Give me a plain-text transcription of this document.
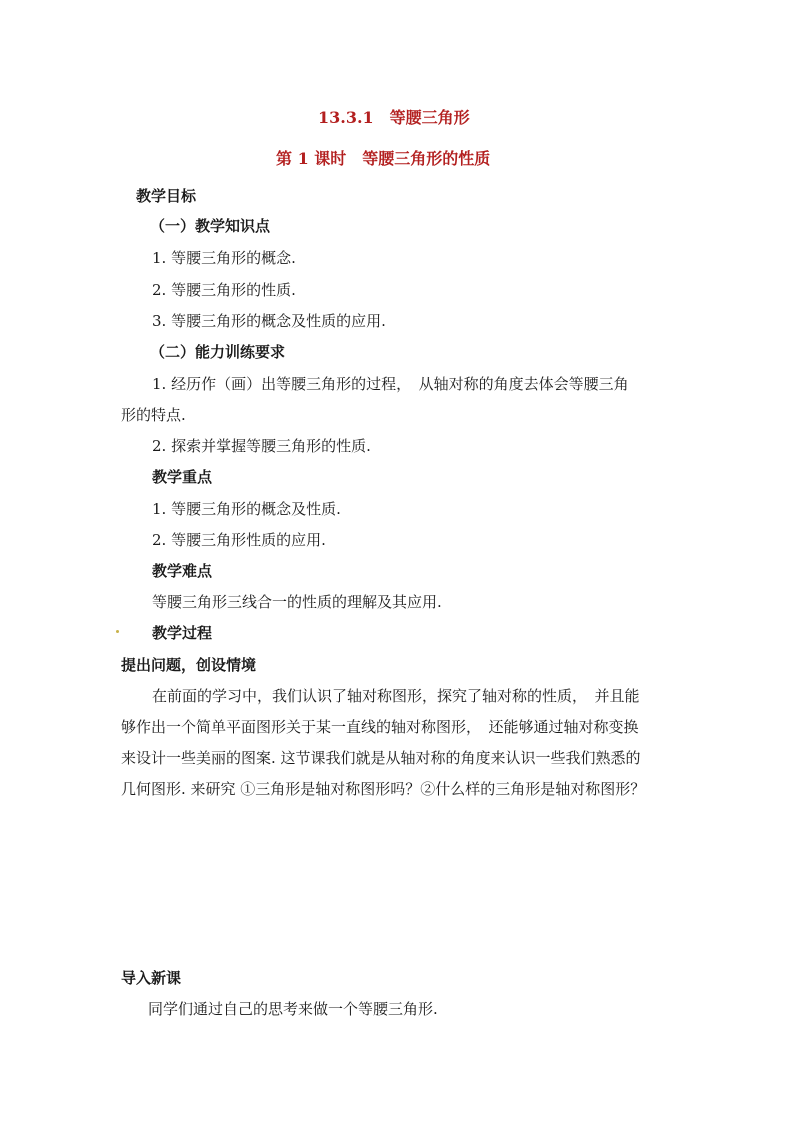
13.3.1　等腰三角形
第 1 课时　等腰三角形的性质
教学目标
（一）教学知识点
1. 等腰三角形的概念.
2. 等腰三角形的性质.
3. 等腰三角形的概念及性质的应用.
（二）能力训练要求
1. 经历作（画）出等腰三角形的过程，　从轴对称的角度去体会等腰三角
形的特点.
2. 探索并掌握等腰三角形的性质.
教学重点
1. 等腰三角形的概念及性质.
2. 等腰三角形性质的应用.
教学难点
等腰三角形三线合一的性质的理解及其应用.
教学过程
提出问题，创设情境
在前面的学习中，我们认识了轴对称图形，探究了轴对称的性质，　并且能
够作出一个简单平面图形关于某一直线的轴对称图形，　还能够通过轴对称变换
来设计一些美丽的图案. 这节课我们就是从轴对称的角度来认识一些我们熟悉的
几何图形. 来研究 ①三角形是轴对称图形吗？②什么样的三角形是轴对称图形？
导入新课
同学们通过自己的思考来做一个等腰三角形.
